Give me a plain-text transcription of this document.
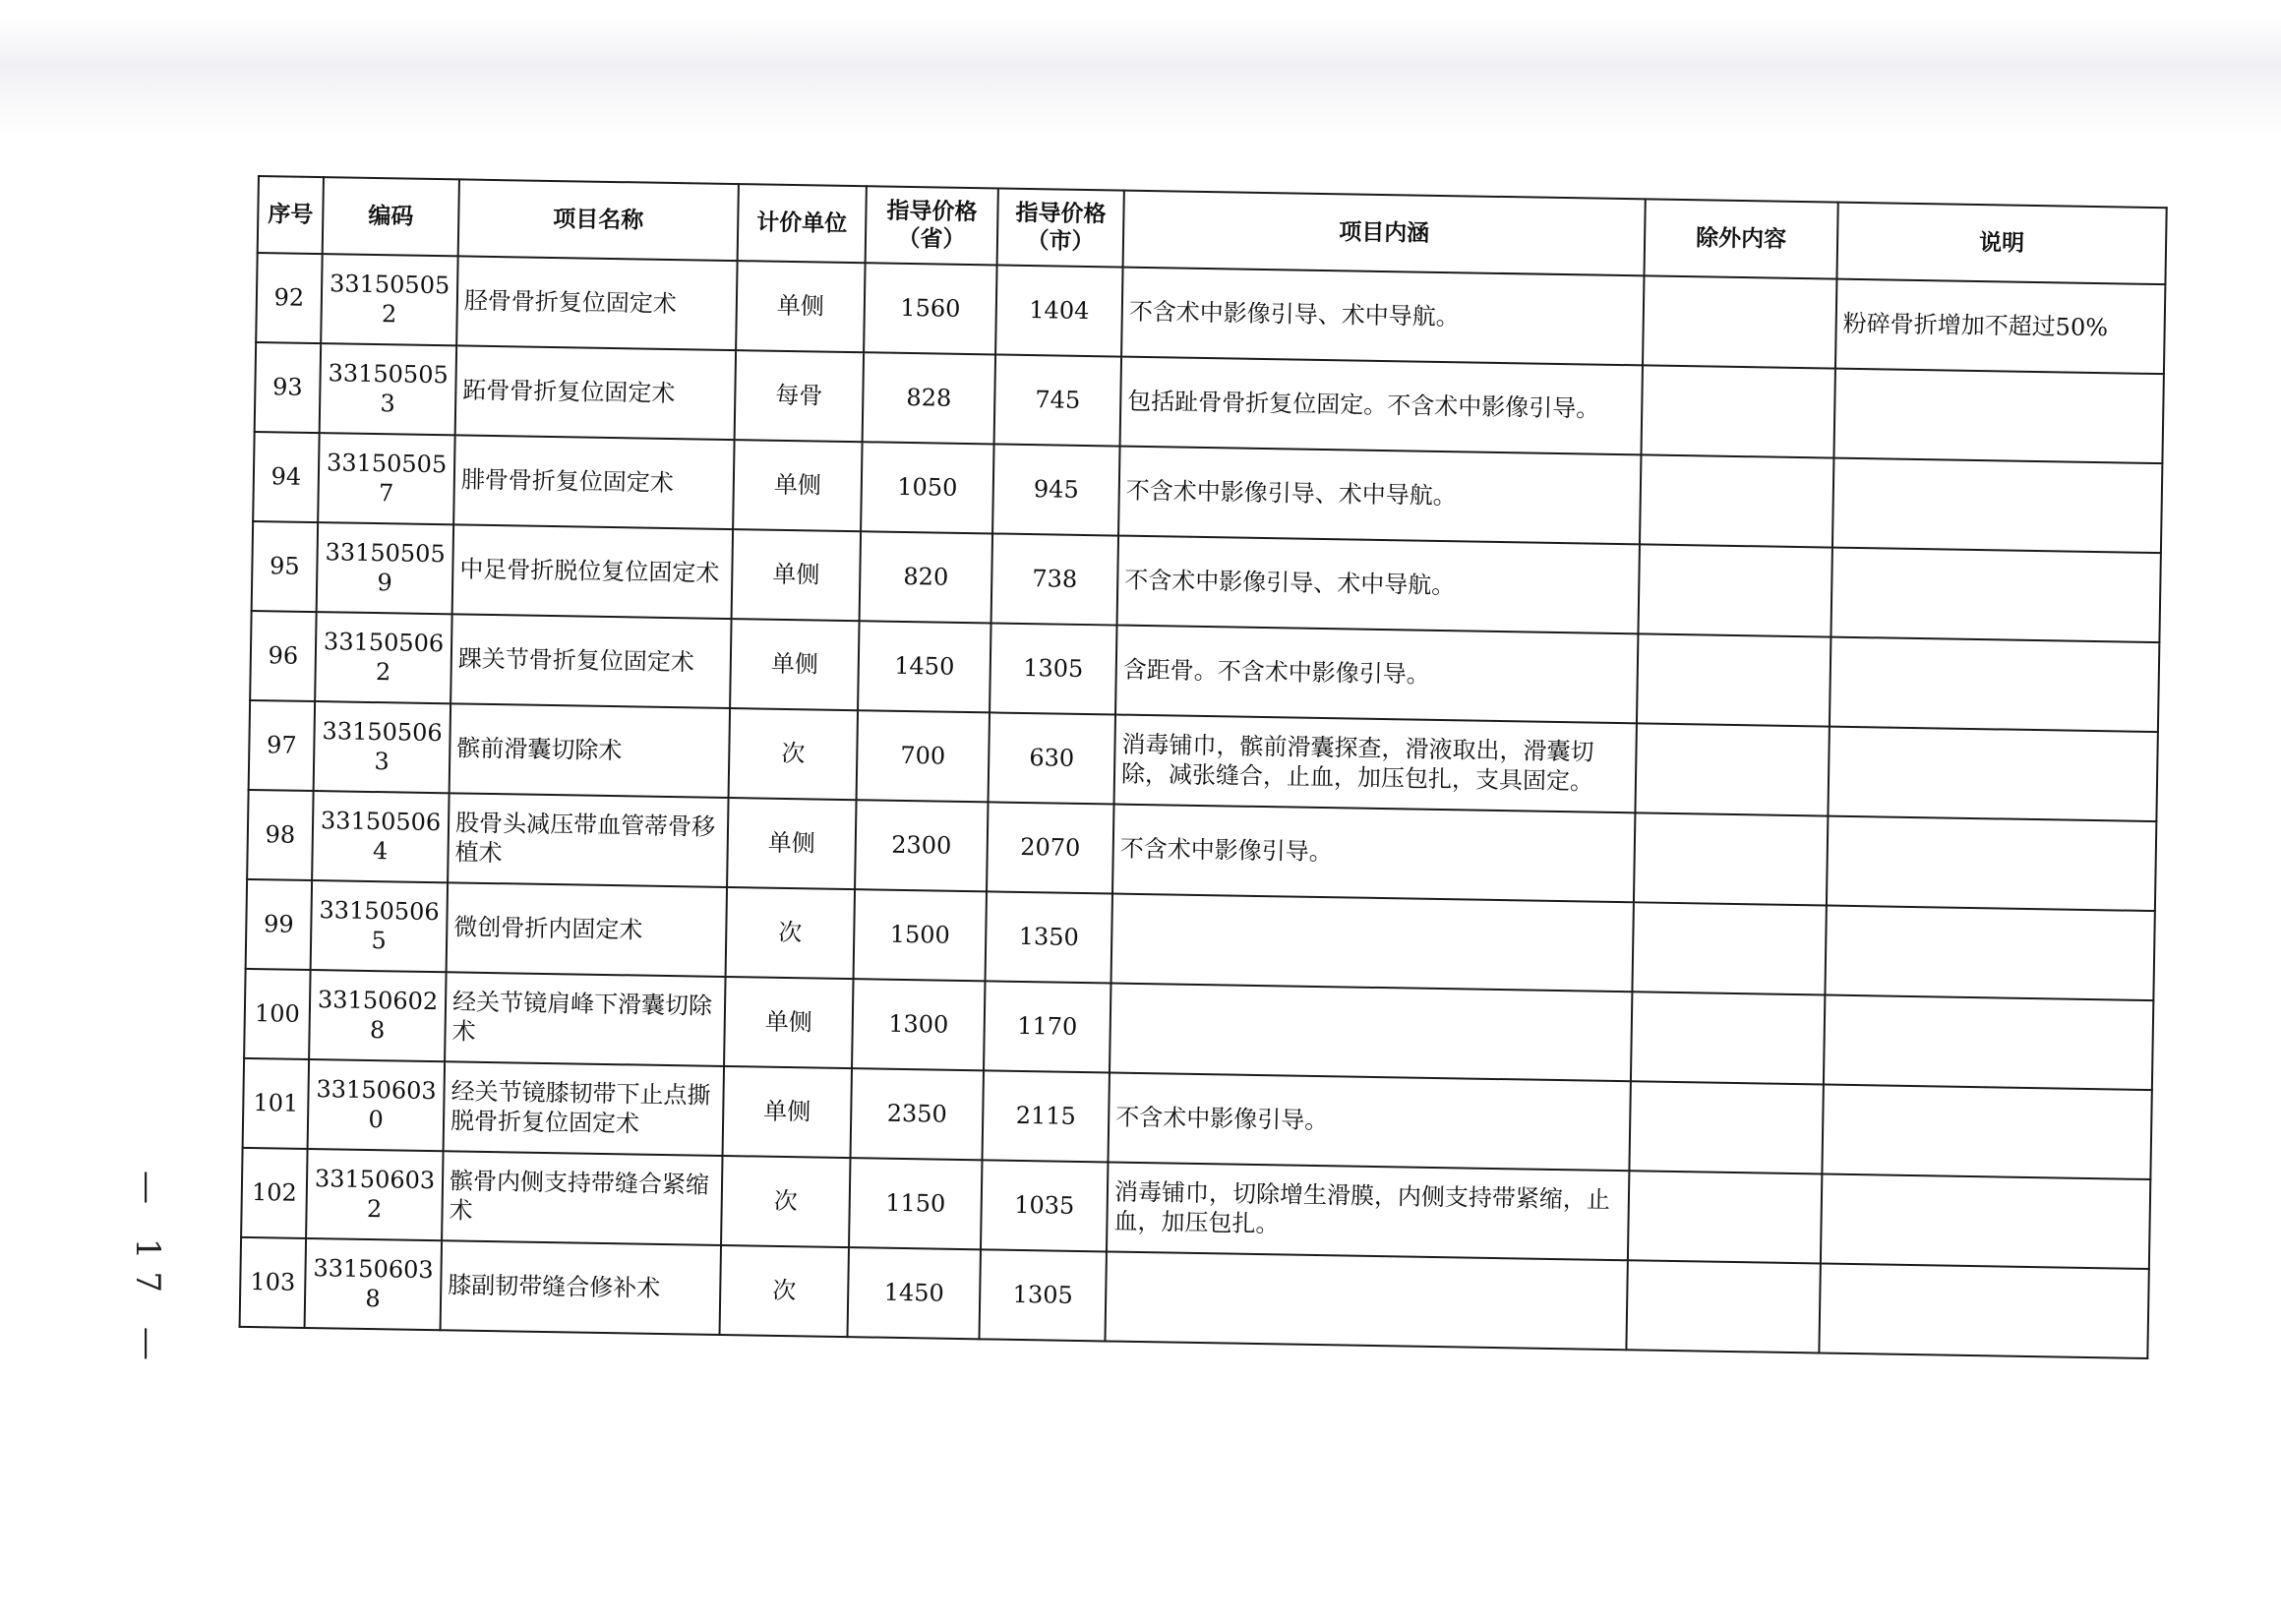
序号	编码	项目名称	计价单位	指导价格（省）	指导价格（市）	项目内涵	除外内容	说明
92	331505052	胫骨骨折复位固定术	单侧	1560	1404	不含术中影像引导、术中导航。		粉碎骨折增加不超过50%
93	331505053	跖骨骨折复位固定术	每骨	828	745	包括趾骨骨折复位固定。不含术中影像引导。		
94	331505057	腓骨骨折复位固定术	单侧	1050	945	不含术中影像引导、术中导航。		
95	331505059	中足骨折脱位复位固定术	单侧	820	738	不含术中影像引导、术中导航。		
96	331505062	踝关节骨折复位固定术	单侧	1450	1305	含距骨。不含术中影像引导。		
97	331505063	髌前滑囊切除术	次	700	630	消毒铺巾，髌前滑囊探查，滑液取出，滑囊切除，减张缝合，止血，加压包扎，支具固定。		
98	331505064	股骨头减压带血管蒂骨移植术	单侧	2300	2070	不含术中影像引导。		
99	331505065	微创骨折内固定术	次	1500	1350			
100	331506028	经关节镜肩峰下滑囊切除术	单侧	1300	1170			
101	331506030	经关节镜膝韧带下止点撕脱骨折复位固定术	单侧	2350	2115	不含术中影像引导。		
102	331506032	髌骨内侧支持带缝合紧缩术	次	1150	1035	消毒铺巾，切除增生滑膜，内侧支持带紧缩，止血，加压包扎。		
103	331506038	膝副韧带缝合修补术	次	1450	1305			
— 17 —
